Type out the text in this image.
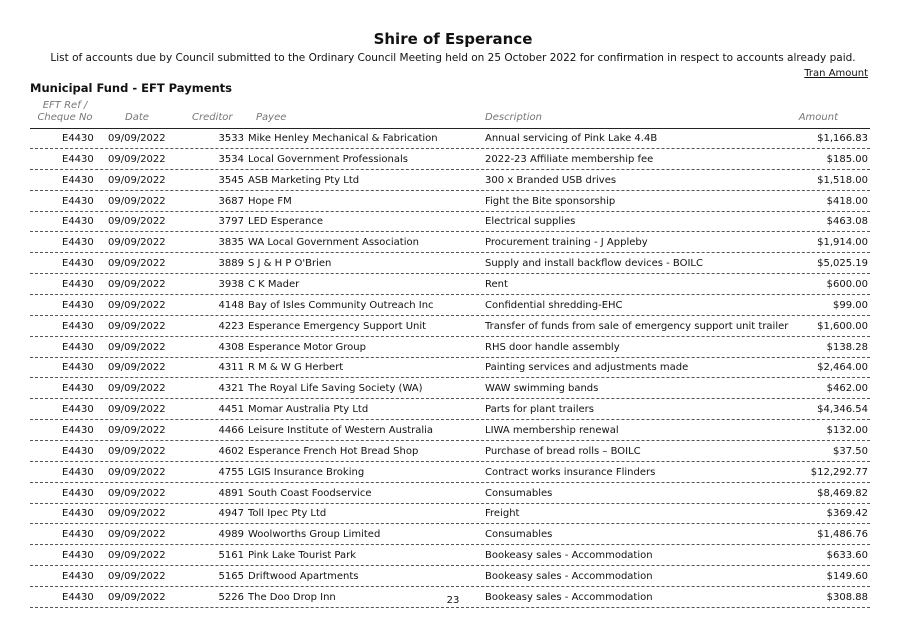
Shire of Esperance
List of accounts due by Council submitted to the Ordinary Council Meeting held on 25 October 2022 for confirmation in respect to accounts already paid.
Tran Amount
Municipal Fund - EFT Payments
EFT Ref /
Cheque No	Date	Creditor Payee	Description	Amount
E4430 09/09/2022	3533 Mike Henley Mechanical & Fabrication	Annual servicing of Pink Lake 4.4B	$1,166.83
E4430 09/09/2022	3534 Local Government Professionals	2022-23 Affiliate membership fee	$185.00
E4430 09/09/2022	3545 ASB Marketing Pty Ltd	300 x Branded USB drives	$1,518.00
E4430 09/09/2022	3687 Hope FM	Fight the Bite sponsorship	$418.00
E4430 09/09/2022	3797 LED Esperance	Electrical supplies	$463.08
E4430 09/09/2022	3835 WA Local Government Association	Procurement training - J Appleby	$1,914.00
E4430 09/09/2022	3889 S J & H P O'Brien	Supply and install backflow devices - BOILC	$5,025.19
E4430 09/09/2022	3938 C K Mader	Rent	$600.00
E4430 09/09/2022	4148 Bay of Isles Community Outreach Inc	Confidential shredding-EHC	$99.00
E4430 09/09/2022	4223 Esperance Emergency Support Unit	Transfer of funds from sale of emergency support unit trailer	$1,600.00
E4430 09/09/2022	4308 Esperance Motor Group	RHS door handle assembly	$138.28
E4430 09/09/2022	4311 R M & W G Herbert	Painting services and adjustments made	$2,464.00
E4430 09/09/2022	4321 The Royal Life Saving Society (WA)	WAW swimming bands	$462.00
E4430 09/09/2022	4451 Momar Australia Pty Ltd	Parts for plant trailers	$4,346.54
E4430 09/09/2022	4466 Leisure Institute of Western Australia	LIWA membership renewal	$132.00
E4430 09/09/2022	4602 Esperance French Hot Bread Shop	Purchase of bread rolls – BOILC	$37.50
E4430 09/09/2022	4755 LGIS Insurance Broking	Contract works insurance Flinders	$12,292.77
E4430 09/09/2022	4891 South Coast Foodservice	Consumables	$8,469.82
E4430 09/09/2022	4947 Toll Ipec Pty Ltd	Freight	$369.42
E4430 09/09/2022	4989 Woolworths Group Limited	Consumables	$1,486.76
E4430 09/09/2022	5161 Pink Lake Tourist Park	Bookeasy sales - Accommodation	$633.60
E4430 09/09/2022	5165 Driftwood Apartments	Bookeasy sales - Accommodation	$149.60
E4430 09/09/2022	5226 The Doo Drop Inn	Bookeasy sales - Accommodation	$308.88
23
